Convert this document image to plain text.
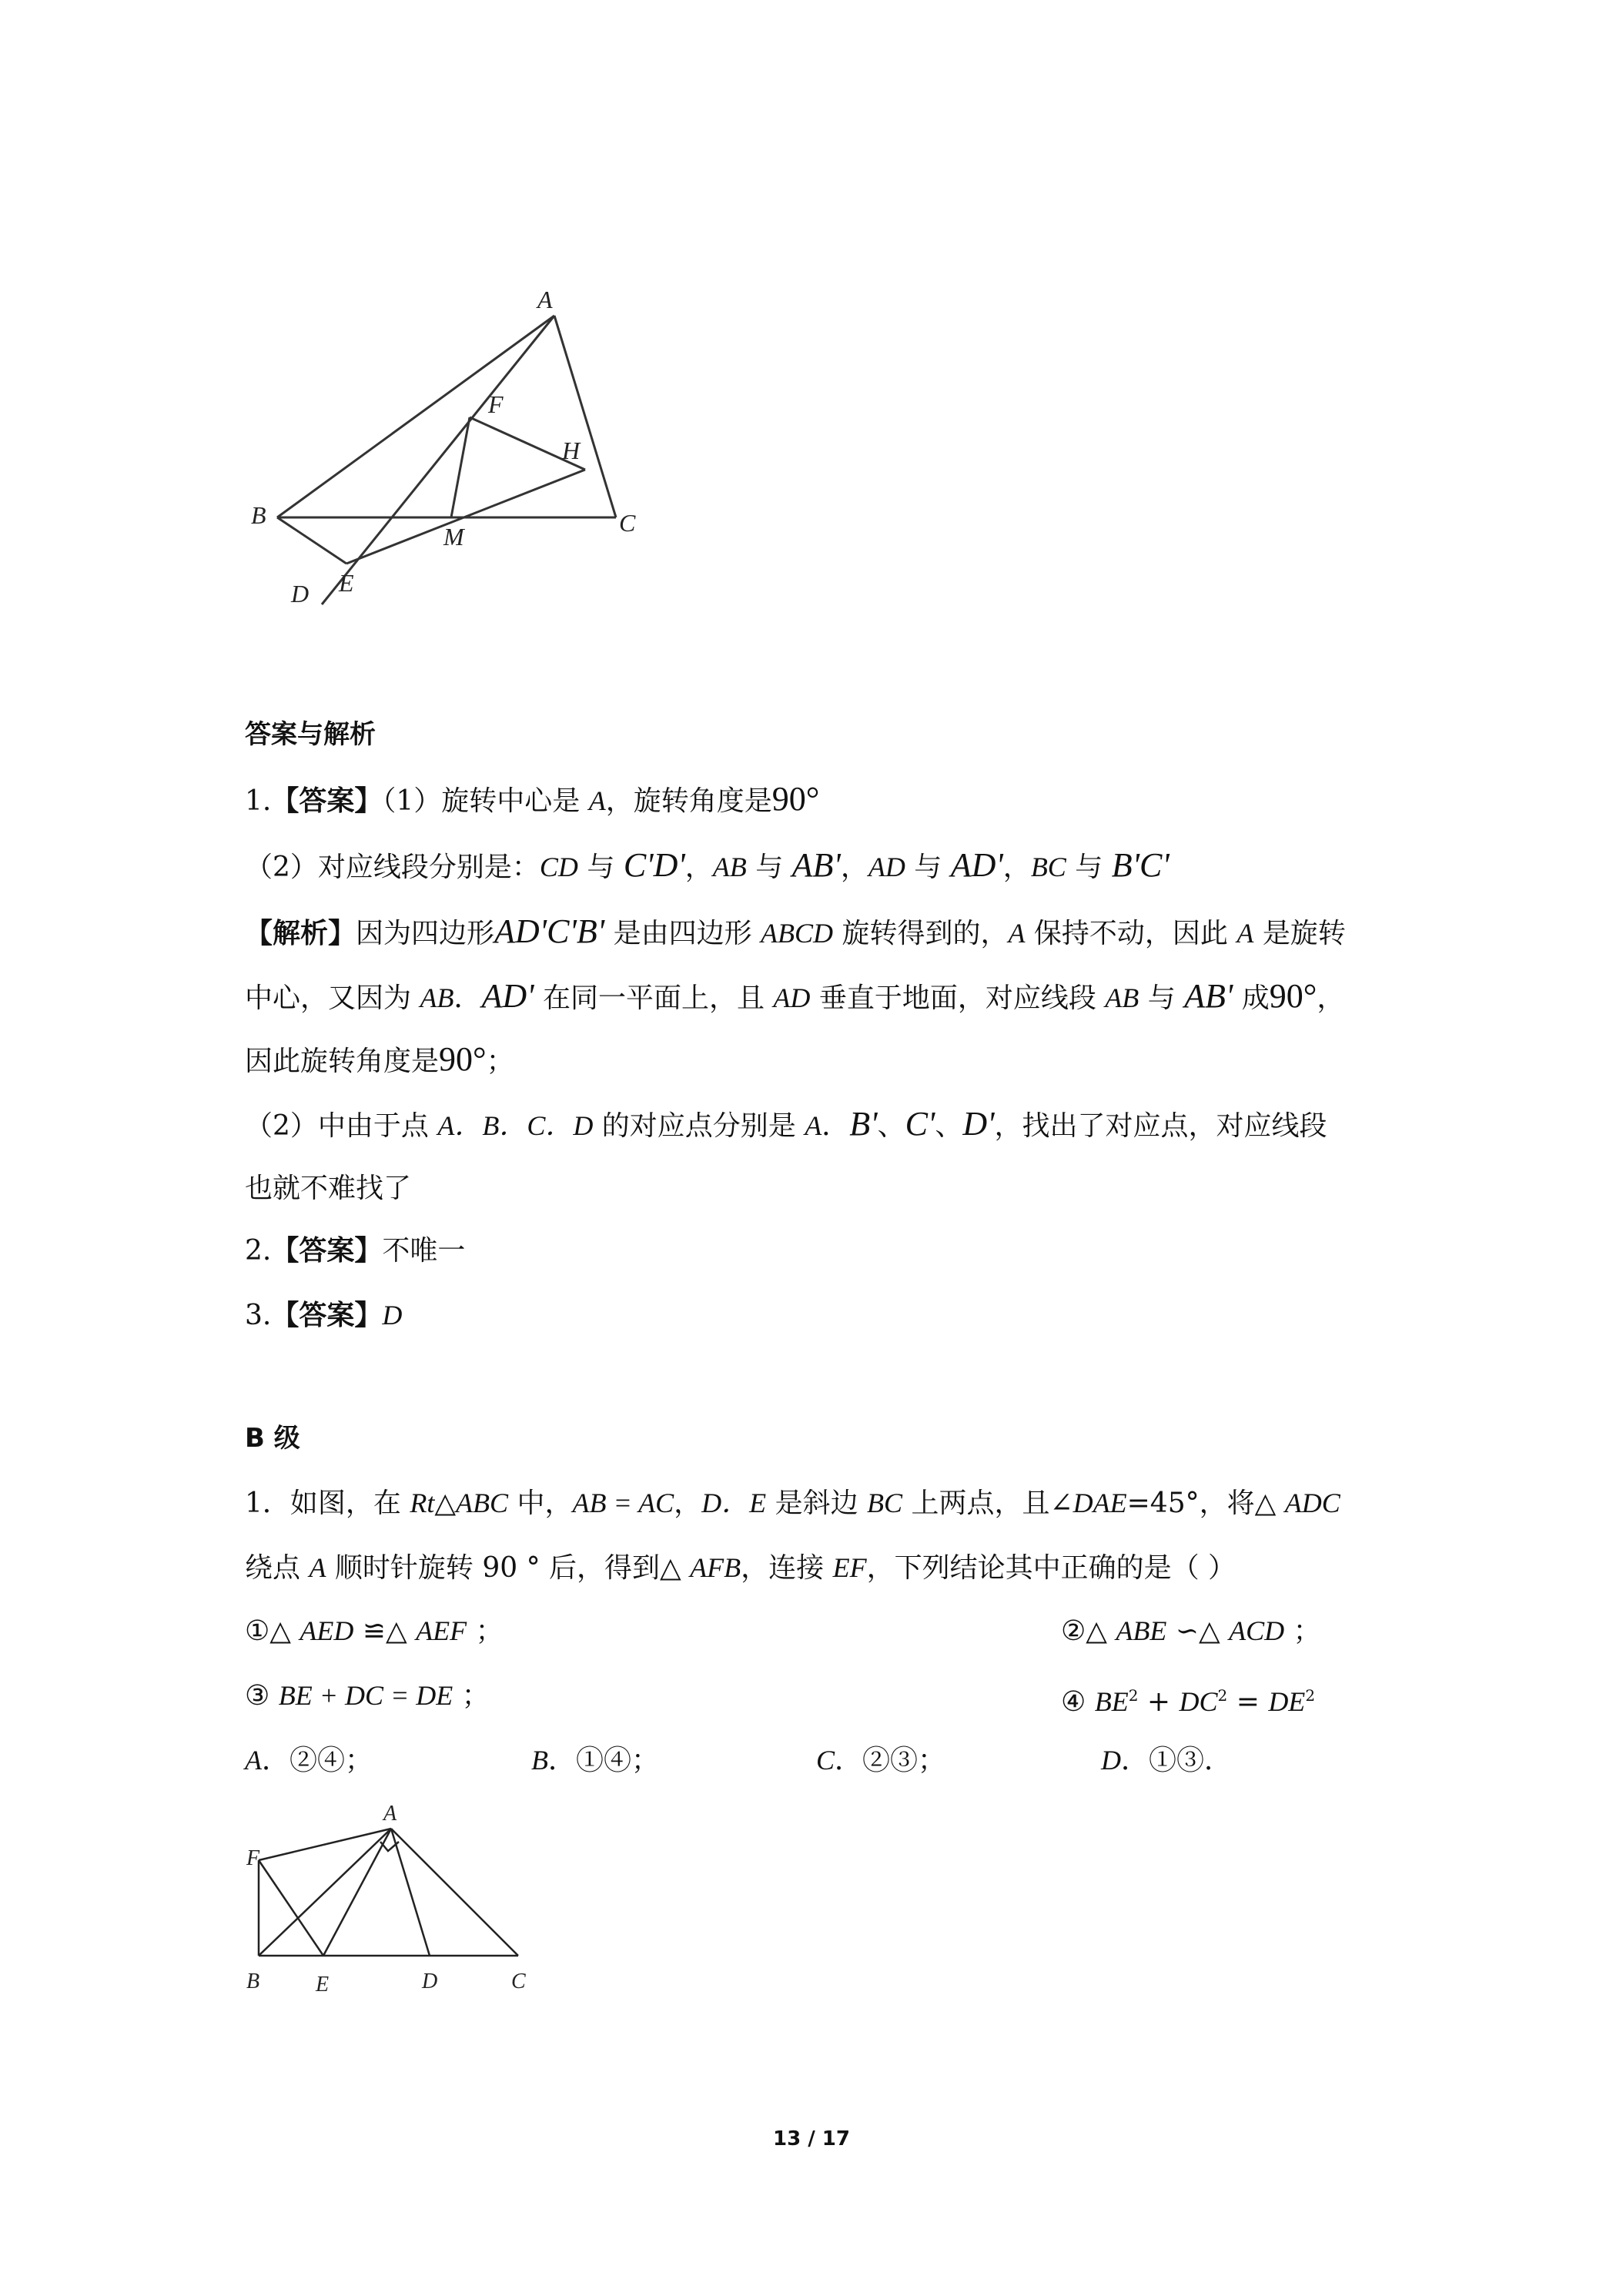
A
B	C
D E
F
H
M
答案与解析
1.【答案】（1）旋转中心是 A，旋转角度是90°
（2）对应线段分别是：CD 与 C'D'，AB 与 AB'，AD 与 AD'，BC 与 B'C'
【解析】因为四边形AD'C'B' 是由四边形 ABCD 旋转得到的，A 保持不动，因此 A 是旋转
中心，又因为 AB．AD' 在同一平面上，且 AD 垂直于地面，对应线段 AB 与 AB' 成90°，
因此旋转角度是90°；
（2）中由于点 A．B．C．D 的对应点分别是 A．B'、C'、D'，找出了对应点，对应线段
也就不难找了
2.【答案】不唯一
3.【答案】D
B 级
1．如图，在 Rt△ABC 中，AB = AC，D．E 是斜边 BC 上两点，且∠DAE=45°，将△ ADC
绕点 A 顺时针旋转 90 ° 后，得到△ AFB，连接 EF，下列结论其中正确的是（ ）
①△ AED ≌△ AEF ；	②△ ABE ∽△ ACD ；
③ BE + DC = DE ；	④ $BE^2 + DC^2 = DE^2$
A．②④；	B．①④；	C．②③；	D．①③．
A
B	C
D
E
F
13 / 17
